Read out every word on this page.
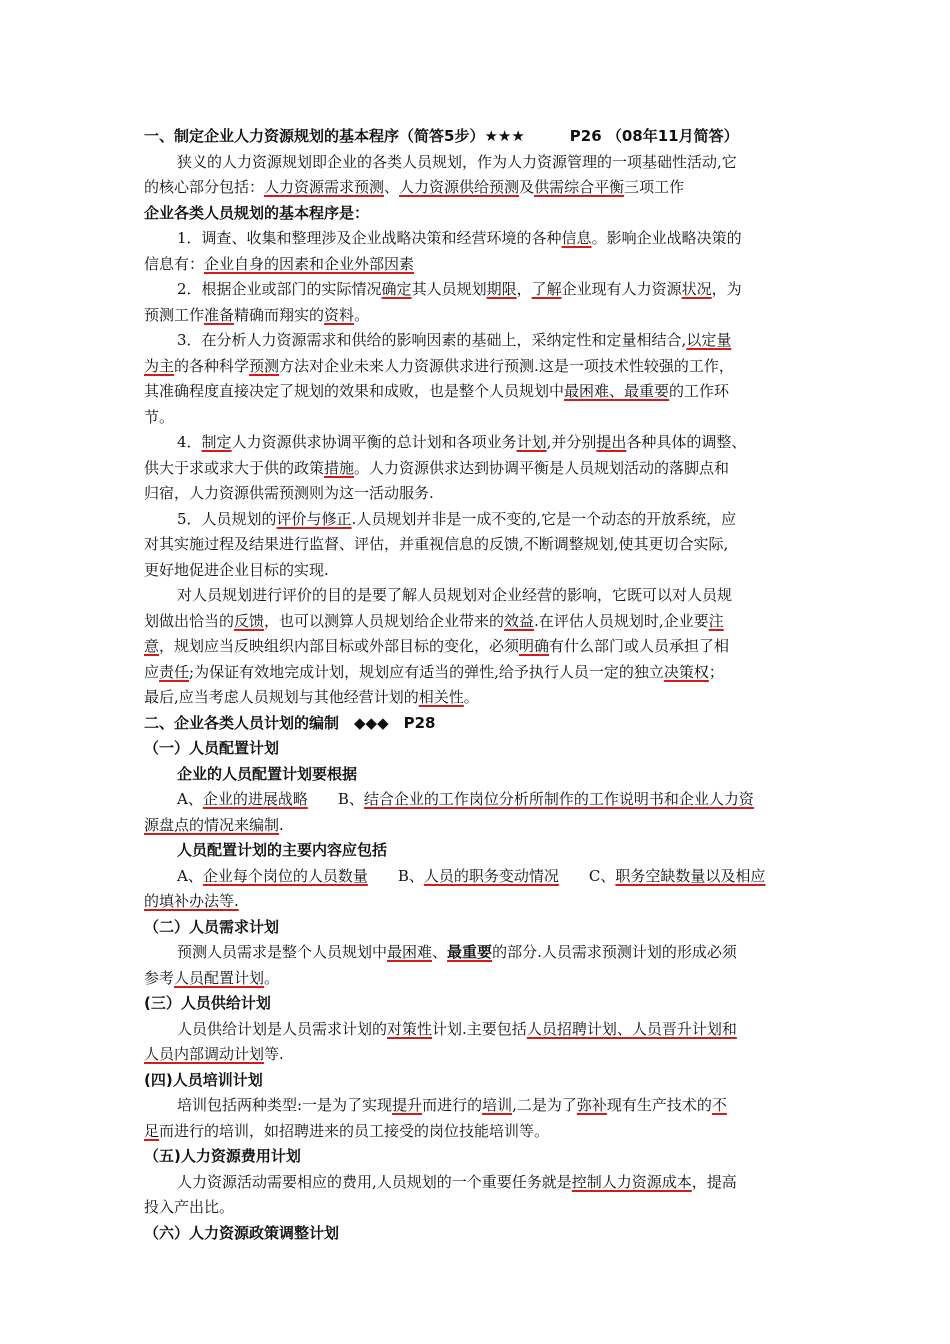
一、制定企业人力资源规划的基本程序（简答5步）★★★　　　P26 （08年11月简答）
狭义的人力资源规划即企业的各类人员规划，作为人力资源管理的一项基础性活动,它
的核心部分包括：人力资源需求预测、人力资源供给预测及供需综合平衡三项工作
企业各类人员规划的基本程序是：
1．调查、收集和整理涉及企业战略决策和经营环境的各种信息。影响企业战略决策的
信息有：企业自身的因素和企业外部因素
2．根据企业或部门的实际情况确定其人员规划期限，了解企业现有人力资源状况，为
预测工作准备精确而翔实的资料。
3．在分析人力资源需求和供给的影响因素的基础上，采纳定性和定量相结合,以定量
为主的各种科学预测方法对企业未来人力资源供求进行预测.这是一项技术性较强的工作，
其准确程度直接决定了规划的效果和成败，也是整个人员规划中最困难、最重要的工作环
节。
4．制定人力资源供求协调平衡的总计划和各项业务计划,并分别提出各种具体的调整、
供大于求或求大于供的政策措施。人力资源供求达到协调平衡是人员规划活动的落脚点和
归宿，人力资源供需预测则为这一活动服务.
5．人员规划的评价与修正.人员规划并非是一成不变的,它是一个动态的开放系统，应
对其实施过程及结果进行监督、评估，并重视信息的反馈,不断调整规划,使其更切合实际,
更好地促进企业目标的实现.
对人员规划进行评价的目的是要了解人员规划对企业经营的影响，它既可以对人员规
划做出恰当的反馈，也可以测算人员规划给企业带来的效益.在评估人员规划时,企业要注
意，规划应当反映组织内部目标或外部目标的变化，必须明确有什么部门或人员承担了相
应责任;为保证有效地完成计划，规划应有适当的弹性,给予执行人员一定的独立决策权；
最后,应当考虑人员规划与其他经营计划的相关性。
二、企业各类人员计划的编制　◆◆◆　P28
（一）人员配置计划
企业的人员配置计划要根据
A、企业的进展战略　　B、结合企业的工作岗位分析所制作的工作说明书和企业人力资
源盘点的情况来编制.
人员配置计划的主要内容应包括
A、企业每个岗位的人员数量　　B、人员的职务变动情况　　C、职务空缺数量以及相应
的填补办法等.
（二）人员需求计划
预测人员需求是整个人员规划中最困难、最重要的部分.人员需求预测计划的形成必须
参考人员配置计划。
(三）人员供给计划
人员供给计划是人员需求计划的对策性计划.主要包括人员招聘计划、人员晋升计划和
人员内部调动计划等.
(四)人员培训计划
培训包括两种类型:一是为了实现提升而进行的培训,二是为了弥补现有生产技术的不
足而进行的培训，如招聘进来的员工接受的岗位技能培训等。
（五)人力资源费用计划
人力资源活动需要相应的费用,人员规划的一个重要任务就是控制人力资源成本，提高
投入产出比。
（六）人力资源政策调整计划
